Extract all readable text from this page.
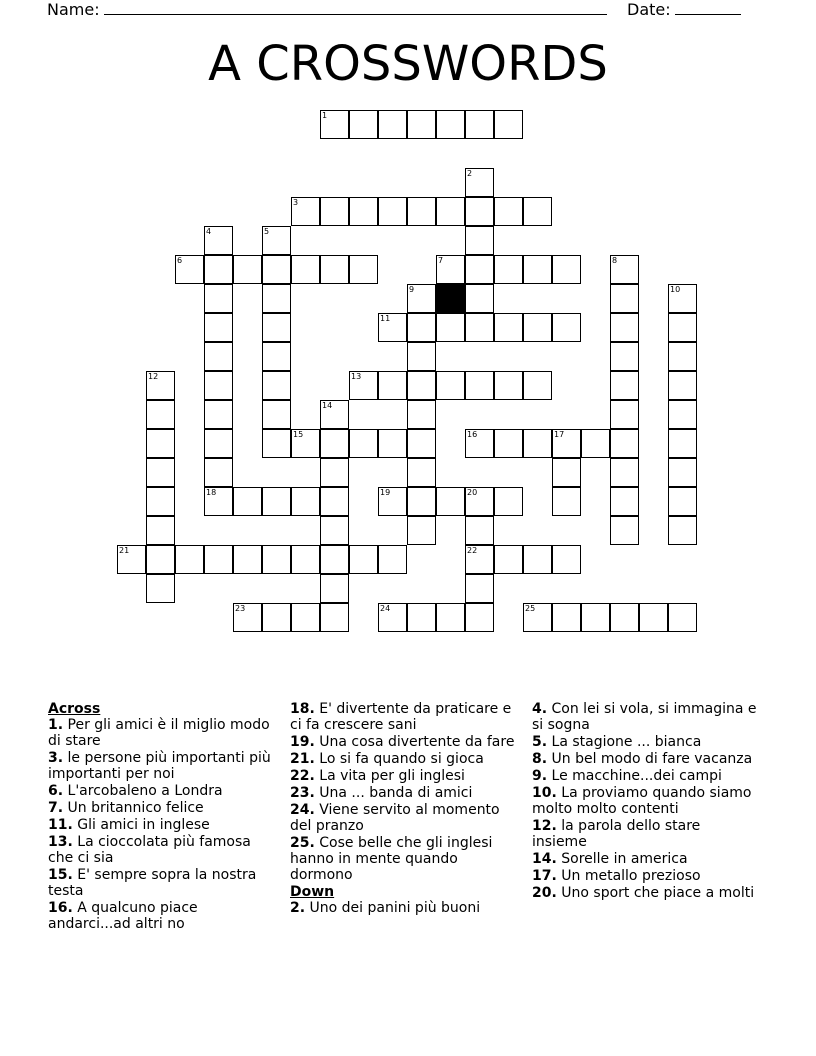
Name:	Date:
A CROSSWORDS
1
2
3
4	5
6	7	8
9	10
11
12	13
14
15	16	17
18	19	20
22
21
23	24	25

Across

1. Per gli amici è il miglio modo di stare

3. le persone più importanti più importanti per noi

6. L'arcobaleno a Londra

7. Un britannico felice

11. Gli amici in inglese

13. La cioccolata più famosa che ci sia

15. E' sempre sopra la nostra testa

16. A qualcuno piace andarci...ad altri no

18. E' divertente da praticare e ci fa crescere sani

19. Una cosa divertente da fare

21. Lo si fa quando si gioca

22. La vita per gli inglesi

23. Una ... banda di amici

24. Viene servito al momento del pranzo

25. Cose belle che gli inglesi hanno in mente quando dormono

Down

2. Uno dei panini più buoni

4. Con lei si vola, si immagina e si sogna

5. La stagione ... bianca

8. Un bel modo di fare vacanza

9. Le macchine...dei campi

10. La proviamo quando siamo molto molto contenti

12. la parola dello stare insieme

14. Sorelle in america

17. Un metallo prezioso

20. Uno sport che piace a molti
